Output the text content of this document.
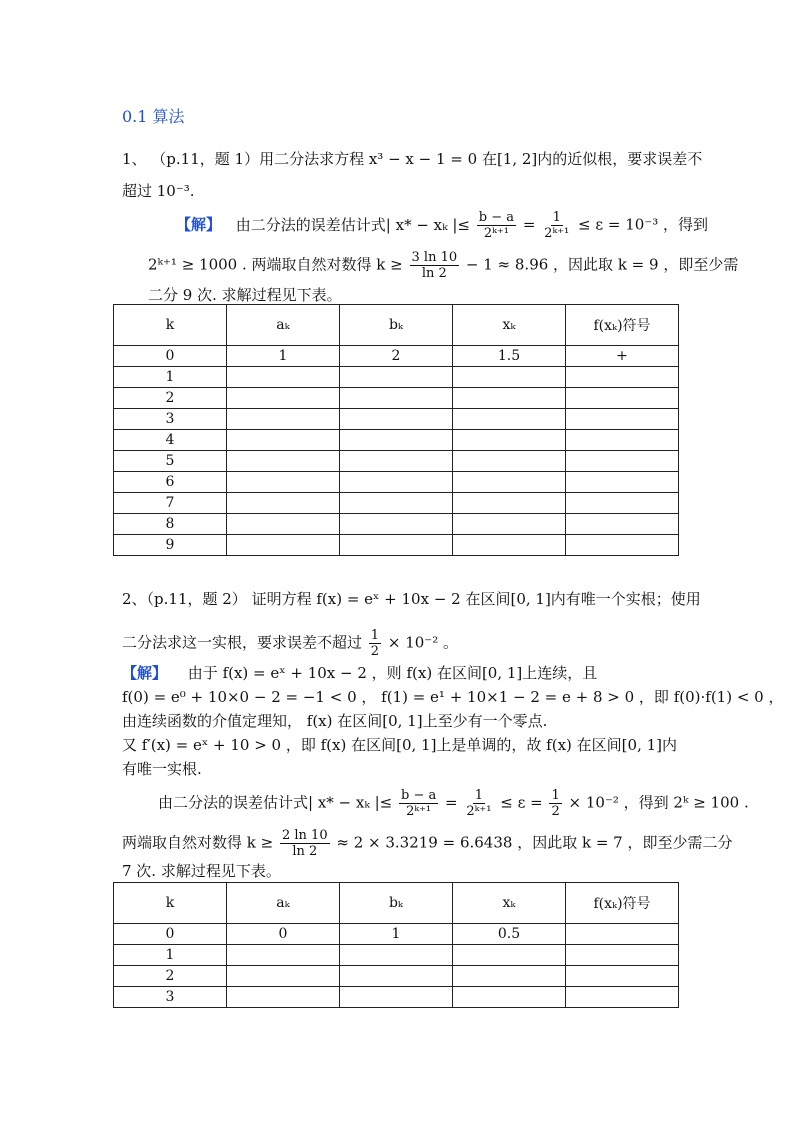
0.1 算法
1、 （p.11，题 1）用二分法求方程 x³ − x − 1 = 0 在[1, 2]内的近似根，要求误差不
超过 10⁻³.
【解】 由二分法的误差估计式| x* − xₖ |≤ $\frac{b - a}{\text{2ᵏ⁺¹}} = \frac{1}{\text{2ᵏ⁺¹}} \le \varepsilon = 10^{-3}$ ，得到
2ᵏ⁺¹ ≥ 1000 . 两端取自然对数得 $k \ge \frac{3 \ln 10}{\ln 2} - 1 \approx 8.96$ ，因此取 k = 9 ，即至少需
二分 9 次. 求解过程见下表。
k	aₖ	bₖ	xₖ	f(xₖ)符号
0	1	2	1.5	+
1				
2				
3				
4				
5				
6				
7				
8				
9				
2、（p.11，题 2） 证明方程 f(x) = eˣ + 10x − 2 在区间[0, 1]内有唯一个实根；使用
二分法求这一实根，要求误差不超过 $\frac{1}{2} \times 10^{-2}$ 。
【解】 由于 f(x) = eˣ + 10x − 2 ，则 f(x) 在区间[0, 1]上连续，且
f(0) = e⁰ + 10×0 − 2 = −1 < 0 ， f(1) = e¹ + 10×1 − 2 = e + 8 > 0 ，即 f(0)·f(1) < 0 ，
由连续函数的介值定理知， f(x) 在区间[0, 1]上至少有一个零点.
又 f′(x) = eˣ + 10 > 0 ，即 f(x) 在区间[0, 1]上是单调的，故 f(x) 在区间[0, 1]内
有唯一实根.
由二分法的误差估计式| x* − xₖ |≤ $\frac{b - a}{\text{2ᵏ⁺¹}} = \frac{1}{\text{2ᵏ⁺¹}} \le \varepsilon = \frac{1}{2} \times 10^{-2}$ ，得到 2ᵏ ≥ 100 .
两端取自然对数得 $k \ge \frac{2 \ln 10}{\ln 2} \approx 2 \times 3.3219 = 6.6438$ ，因此取 k = 7 ，即至少需二分
7 次. 求解过程见下表。
k	aₖ	bₖ	xₖ	f(xₖ)符号
0	0	1	0.5	
1				
2				
3				
